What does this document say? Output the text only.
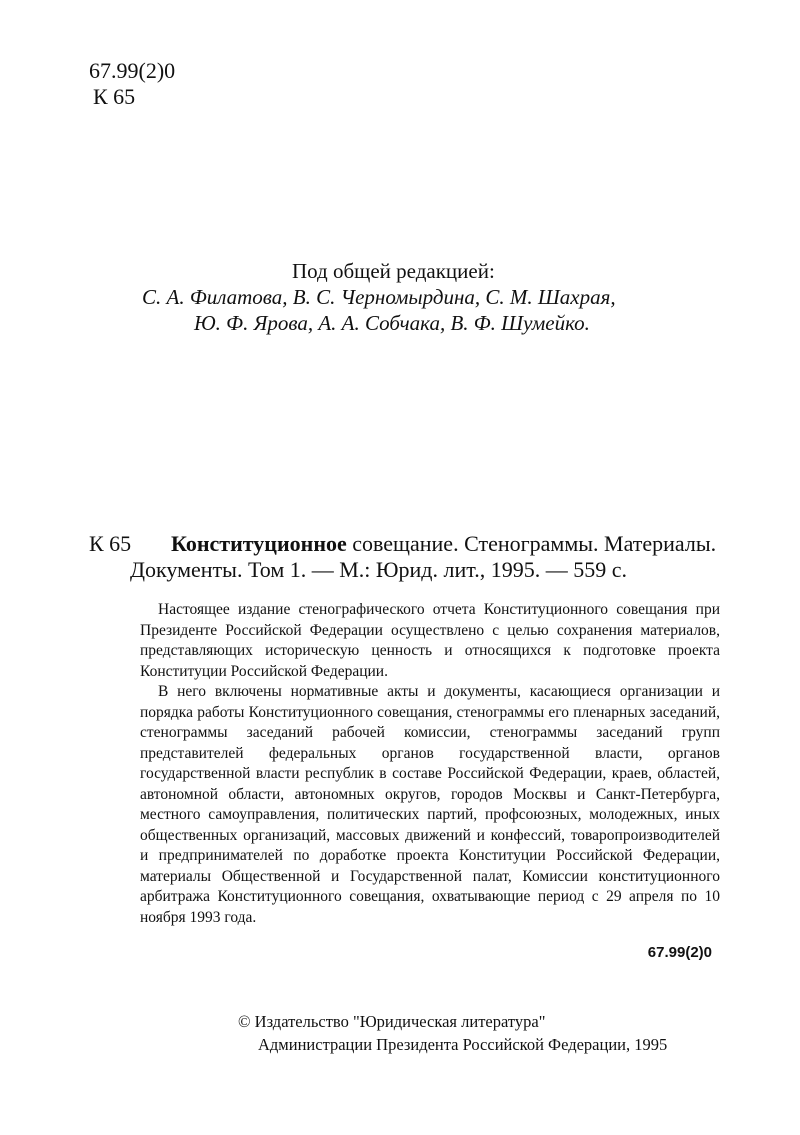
67.99(2)0
К 65
Под общей редакцией:
С. А. Филатова, В. С. Черномырдина, С. М. Шахрая,
Ю. Ф. Ярова, А. А. Собчака, В. Ф. Шумейко.
К 65 Конституционное совещание. Стенограммы. Материалы.
Документы. Том 1. — М.: Юрид. лит., 1995. — 559 с.

Настоящее издание стенографического отчета Конституционного совещания при Президенте Российской Федерации осуществлено с целью сохранения материалов, представляющих историческую ценность и относящихся к подготовке проекта Конституции Российской Федерации.

В него включены нормативные акты и документы, касающиеся организации и порядка работы Конституционного совещания, стенограммы его пленарных заседаний, стенограммы заседаний рабочей комиссии, стенограммы заседаний групп представителей федеральных органов государственной власти, органов государственной власти республик в составе Российской Федерации, краев, областей, автономной области, автономных округов, городов Москвы и Санкт-Петербурга, местного самоуправления, политических партий, профсоюзных, молодежных, иных общественных организаций, массовых движений и конфессий, товаропроизводителей и предпринимателей по доработке проекта Конституции Российской Федерации, материалы Общественной и Государственной палат, Комиссии конституционного арбитража Конституционного совещания, охватывающие период с 29 апреля по 10 ноября 1993 года.

67.99(2)0
© Издательство "Юридическая литература"
Администрации Президента Российской Федерации, 1995
